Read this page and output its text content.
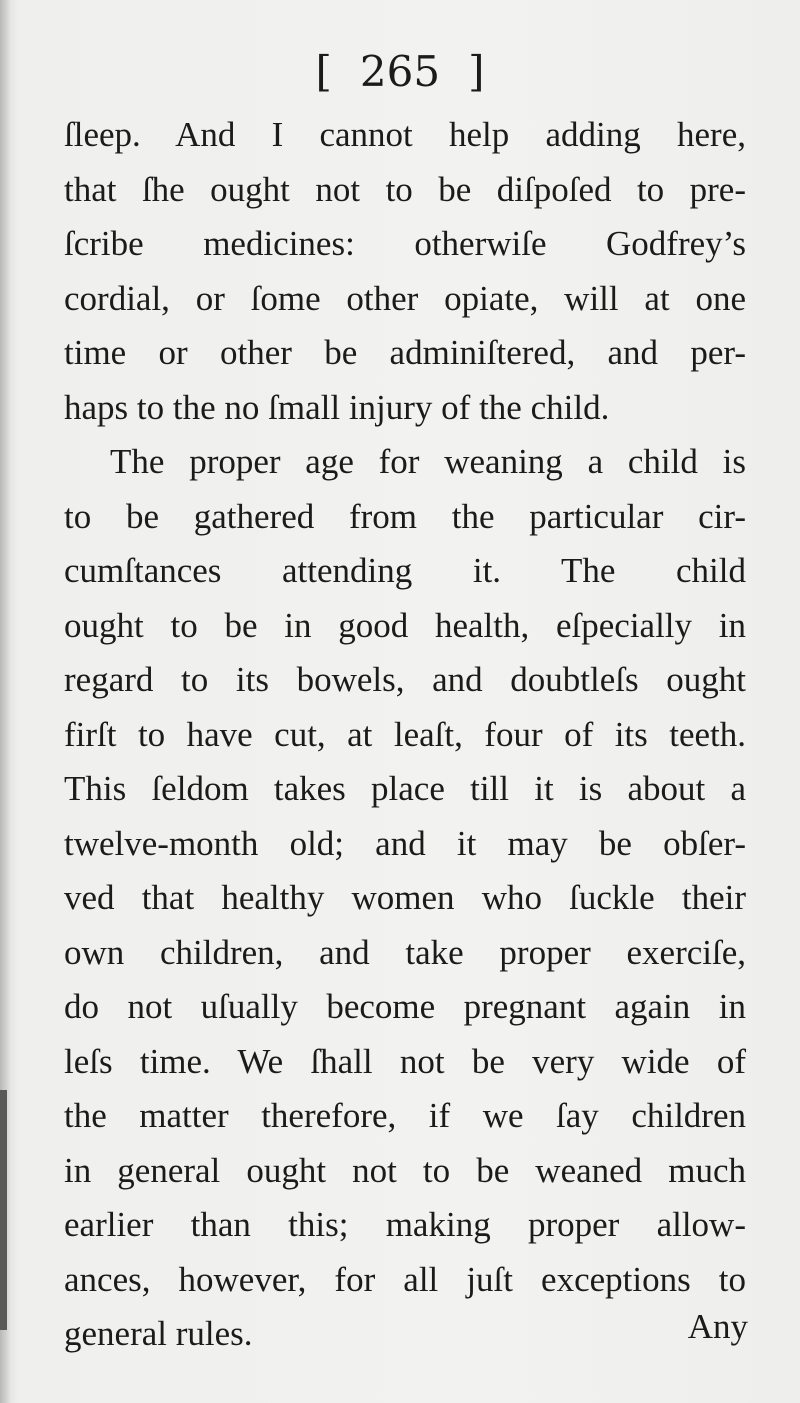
[ 265 ]
ſleep. And I cannot help adding here,
that ſhe ought not to be diſpoſed to pre-
ſcribe medicines: otherwiſe Godfrey’s
cordial, or ſome other opiate, will at one
time or other be adminiſtered, and per-
haps to the no ſmall injury of the child.
The proper age for weaning a child is
to be gathered from the particular cir-
cumſtances attending it. The child
ought to be in good health, eſpecially in
regard to its bowels, and doubtleſs ought
firſt to have cut, at leaſt, four of its teeth.
This ſeldom takes place till it is about a
twelve-month old; and it may be obſer-
ved that healthy women who ſuckle their
own children, and take proper exerciſe,
do not uſually become pregnant again in
leſs time. We ſhall not be very wide of
the matter therefore, if we ſay children
in general ought not to be weaned much
earlier than this; making proper allow-
ances, however, for all juſt exceptions to
general rules.	Any
